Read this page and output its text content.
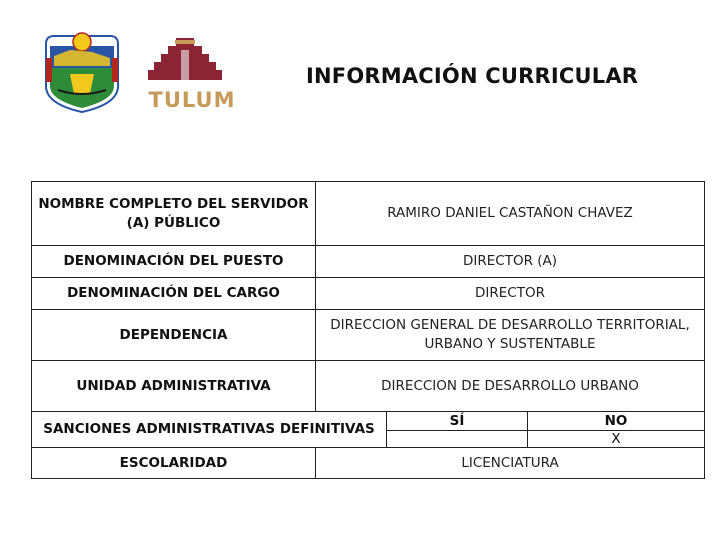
TULUM
INFORMACIÓN CURRICULAR
NOMBRE COMPLETO DEL SERVIDOR (A) PÚBLICO	RAMIRO DANIEL CASTAÑON CHAVEZ		
DENOMINACIÓN DEL PUESTO	DIRECTOR (A)		
DENOMINACIÓN DEL CARGO	DIRECTOR		
DEPENDENCIA	DIRECCION GENERAL DE DESARROLLO TERRITORIAL, URBANO Y SUSTENTABLE		
UNIDAD ADMINISTRATIVA	DIRECCION DE DESARROLLO URBANO		
SANCIONES ADMINISTRATIVAS DEFINITIVAS		SÍ	NO
			X
ESCOLARIDAD	LICENCIATURA		
